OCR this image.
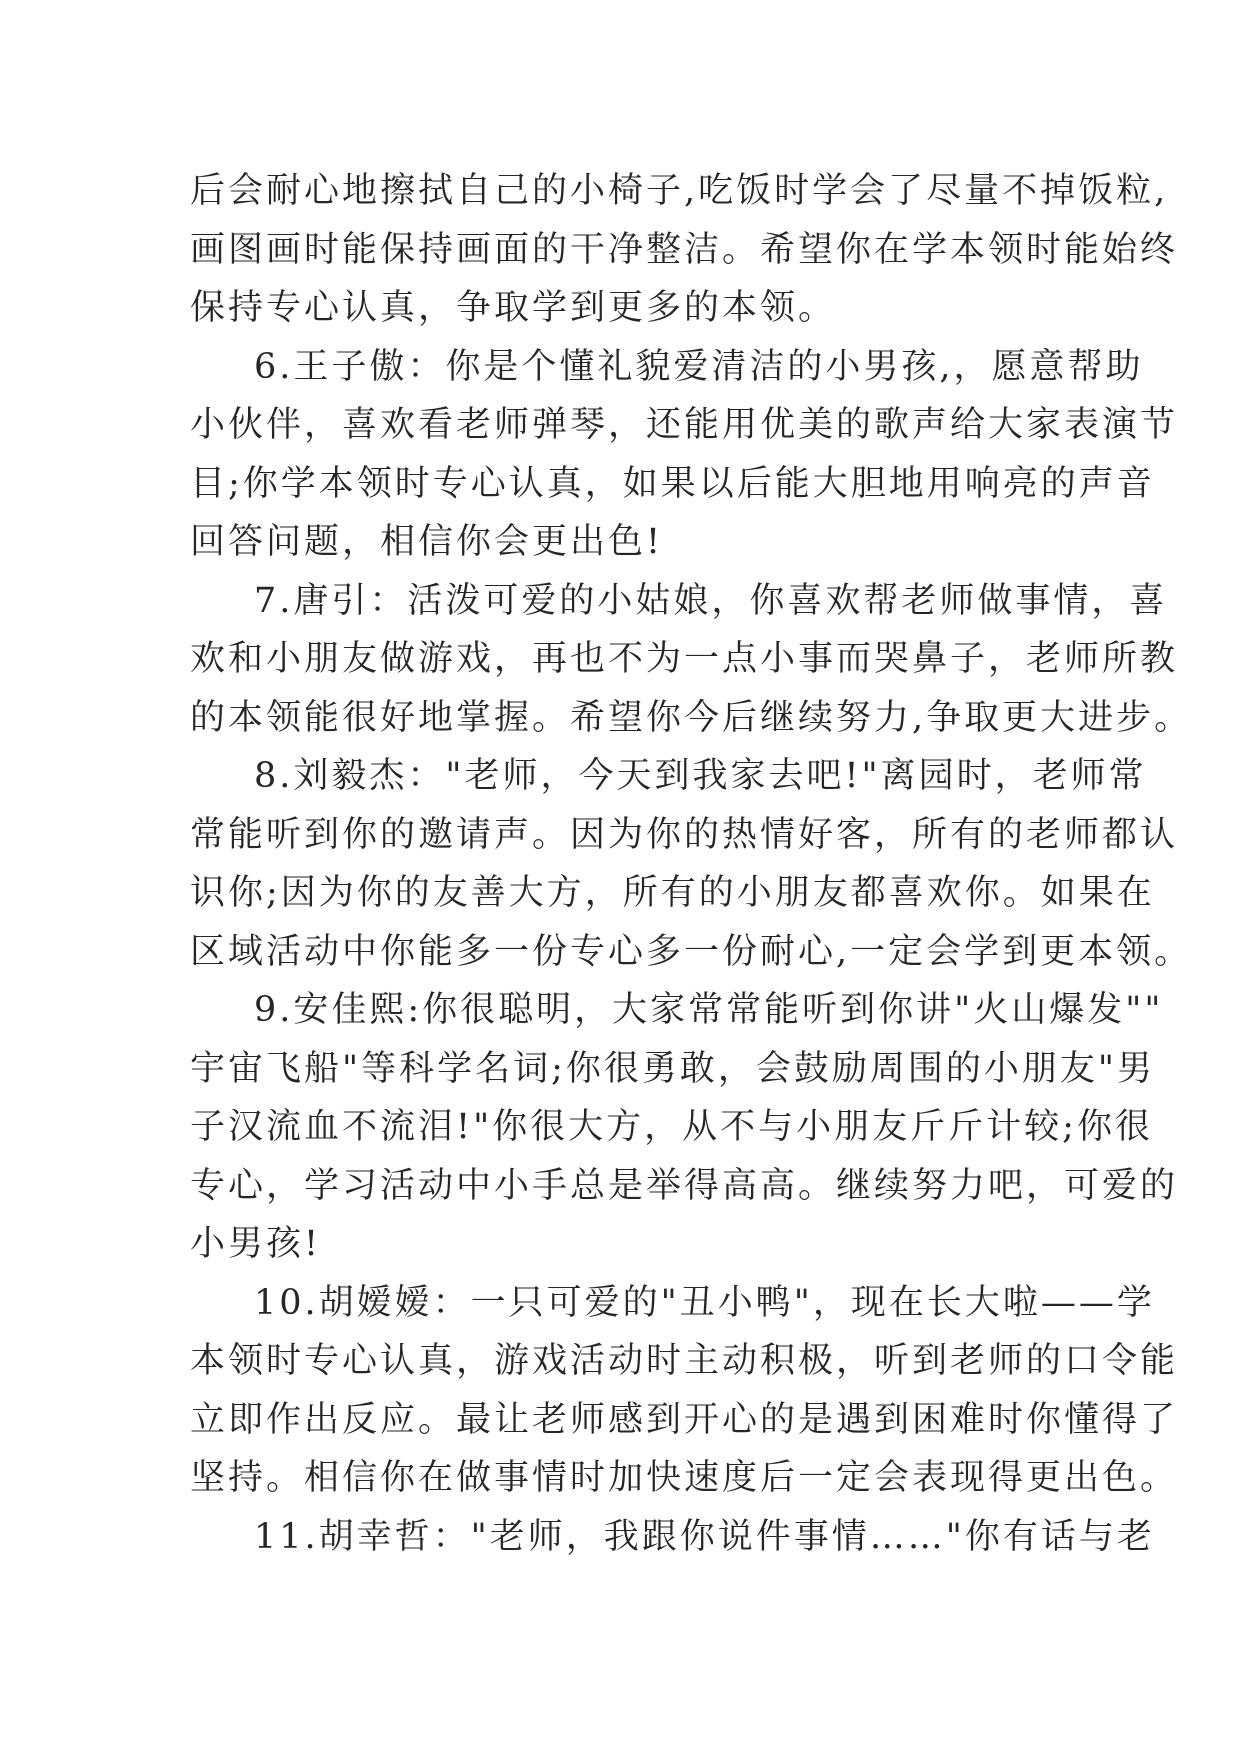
后会耐心地擦拭自己的小椅子,吃饭时学会了尽量不掉饭粒,
画图画时能保持画面的干净整洁。希望你在学本领时能始终
保持专心认真，争取学到更多的本领。
6.王子傲：你是个懂礼貌爱清洁的小男孩,，愿意帮助
小伙伴，喜欢看老师弹琴，还能用优美的歌声给大家表演节
目;你学本领时专心认真，如果以后能大胆地用响亮的声音
回答问题，相信你会更出色!
7.唐引：活泼可爱的小姑娘，你喜欢帮老师做事情，喜
欢和小朋友做游戏，再也不为一点小事而哭鼻子，老师所教
的本领能很好地掌握。希望你今后继续努力,争取更大进步。
8.刘毅杰："老师，今天到我家去吧!"离园时，老师常
常能听到你的邀请声。因为你的热情好客，所有的老师都认
识你;因为你的友善大方，所有的小朋友都喜欢你。如果在
区域活动中你能多一份专心多一份耐心,一定会学到更本领。
9.安佳熙:你很聪明，大家常常能听到你讲"火山爆发""
宇宙飞船"等科学名词;你很勇敢，会鼓励周围的小朋友"男
子汉流血不流泪!"你很大方，从不与小朋友斤斤计较;你很
专心，学习活动中小手总是举得高高。继续努力吧，可爱的
小男孩!
10.胡嫒嫒：一只可爱的"丑小鸭"，现在长大啦——学
本领时专心认真，游戏活动时主动积极，听到老师的口令能
立即作出反应。最让老师感到开心的是遇到困难时你懂得了
坚持。相信你在做事情时加快速度后一定会表现得更出色。
11.胡幸哲："老师，我跟你说件事情……"你有话与老
